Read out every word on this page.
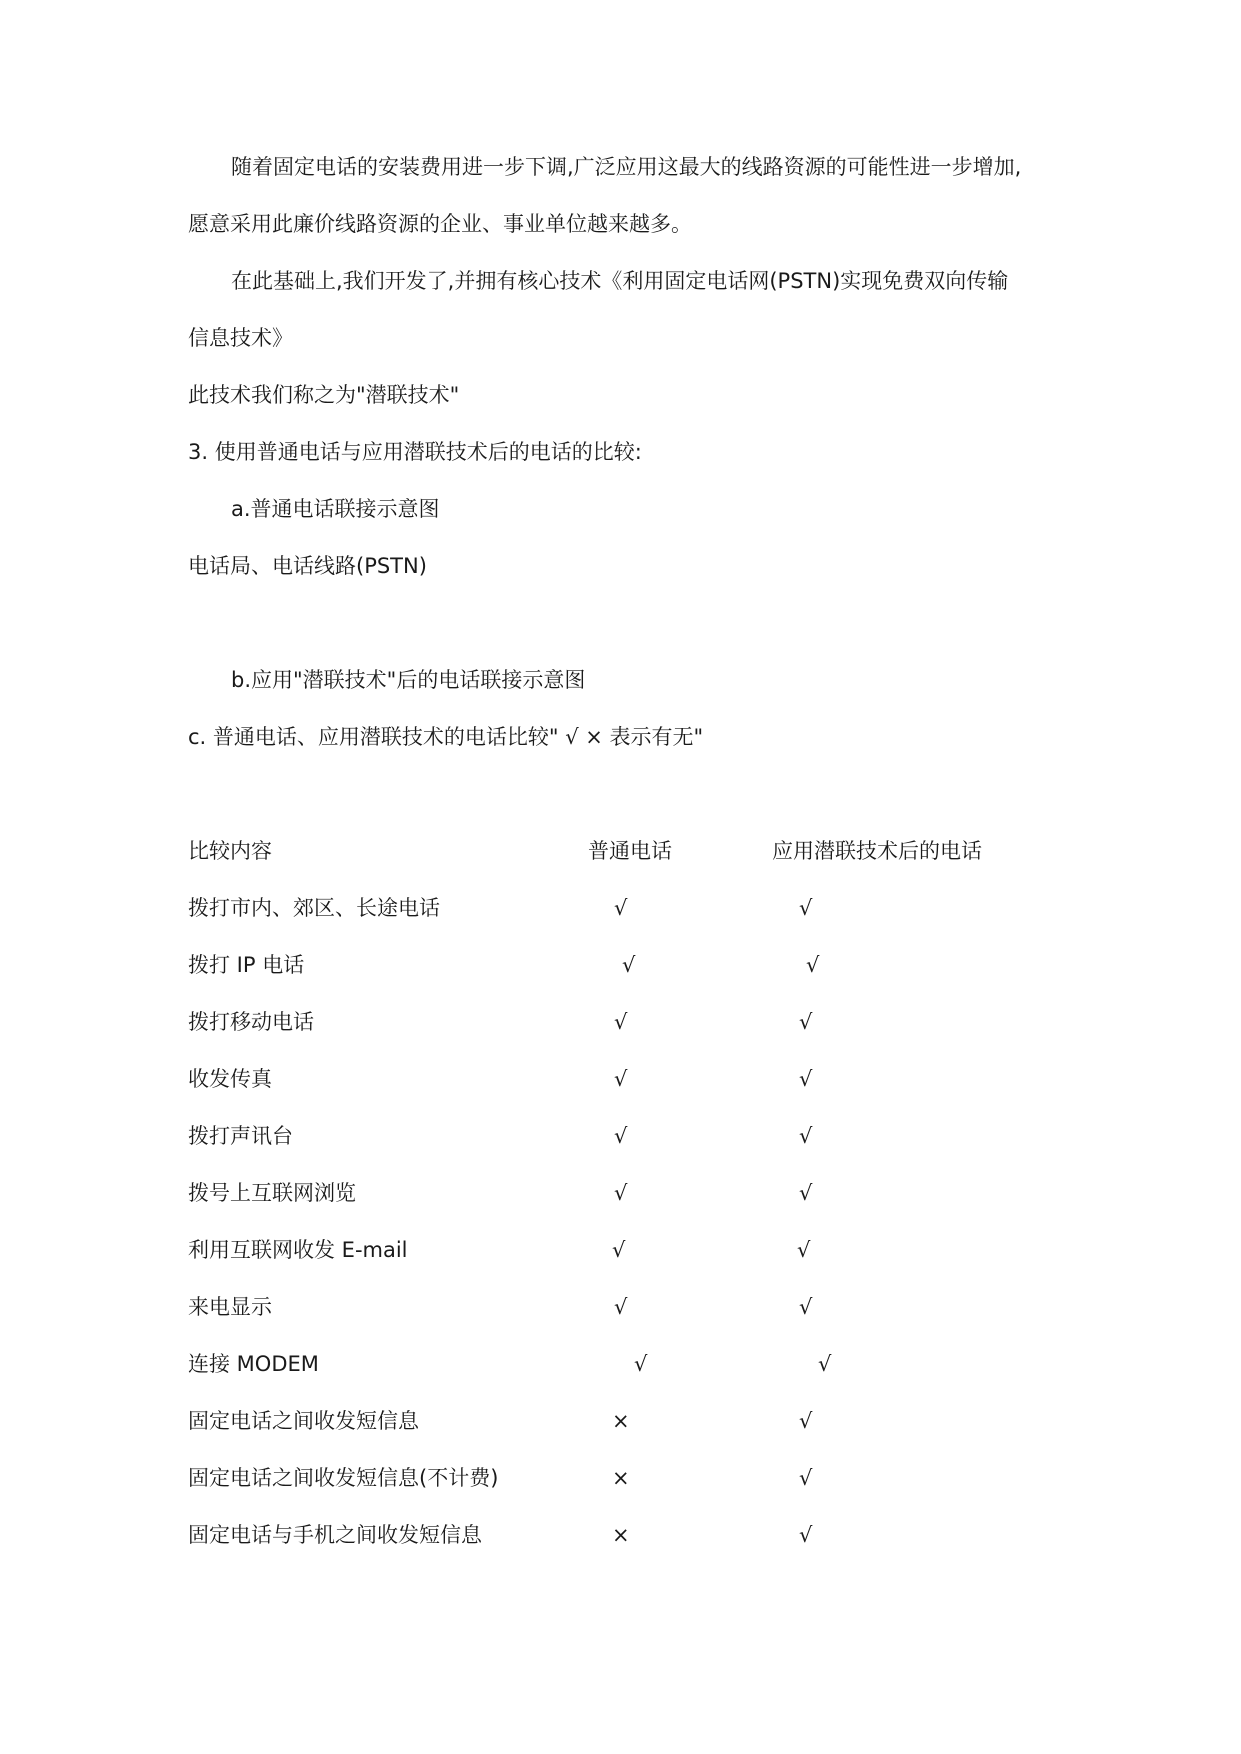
随着固定电话的安装费用进一步下调,广泛应用这最大的线路资源的可能性进一步增加,
愿意采用此廉价线路资源的企业、事业单位越来越多。
在此基础上,我们开发了,并拥有核心技术《利用固定电话网(PSTN)实现免费双向传输
信息技术》
此技术我们称之为"潜联技术"
3. 使用普通电话与应用潜联技术后的电话的比较:
a.普通电话联接示意图
电话局、电话线路(PSTN)
b.应用"潜联技术"后的电话联接示意图
c. 普通电话、应用潜联技术的电话比较" √ × 表示有无"
比较内容	普通电话	应用潜联技术后的电话
拨打市内、郊区、长途电话	√	√
拨打 IP 电话	√	√
拨打移动电话	√	√
收发传真	√	√
拨打声讯台	√	√
拨号上互联网浏览	√	√
利用互联网收发 E-mail	√	√
来电显示	√	√
连接 MODEM	√	√
固定电话之间收发短信息	×	√
固定电话之间收发短信息(不计费)	×	√
固定电话与手机之间收发短信息	×	√
